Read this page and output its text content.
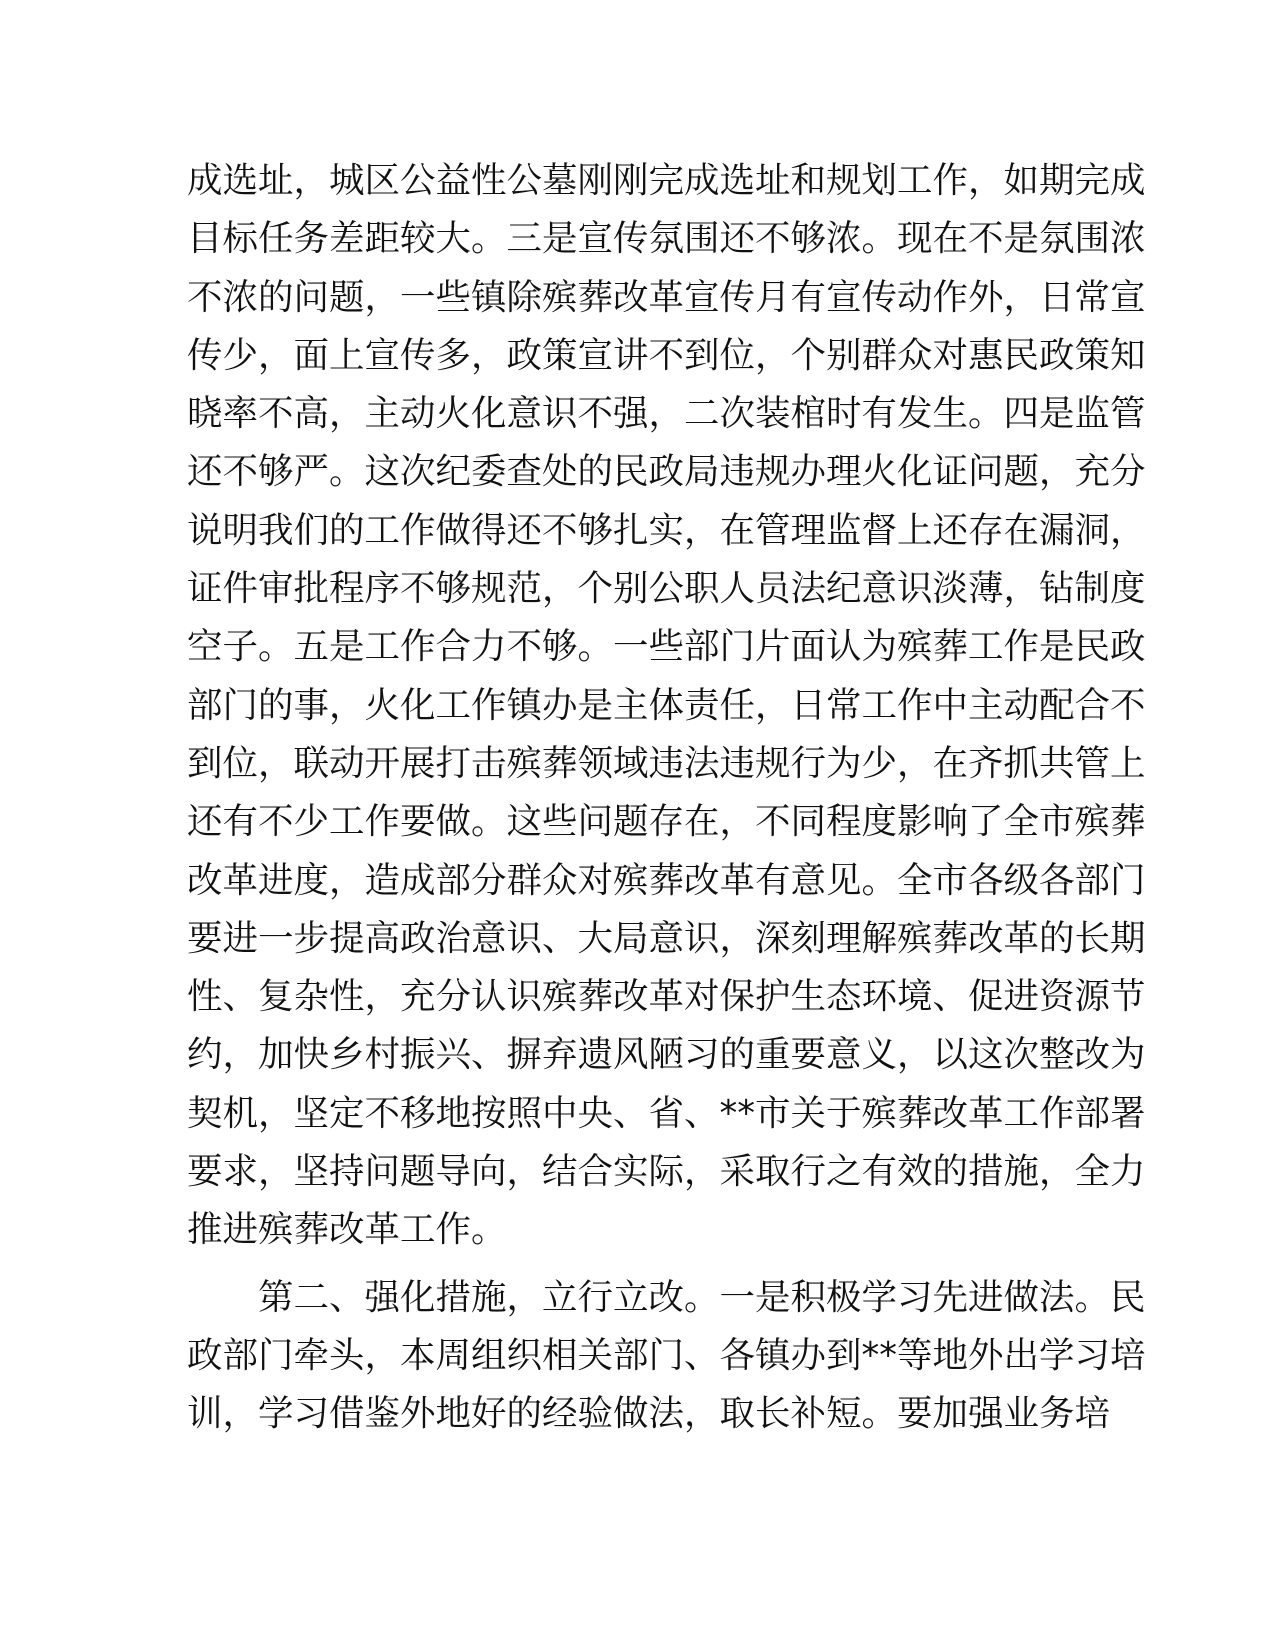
成选址，城区公益性公墓刚刚完成选址和规划工作，如期完成
目标任务差距较大。三是宣传氛围还不够浓。现在不是氛围浓
不浓的问题，一些镇除殡葬改革宣传月有宣传动作外，日常宣
传少，面上宣传多，政策宣讲不到位，个别群众对惠民政策知
晓率不高，主动火化意识不强，二次装棺时有发生。四是监管
还不够严。这次纪委查处的民政局违规办理火化证问题，充分
说明我们的工作做得还不够扎实，在管理监督上还存在漏洞，
证件审批程序不够规范，个别公职人员法纪意识淡薄，钻制度
空子。五是工作合力不够。一些部门片面认为殡葬工作是民政
部门的事，火化工作镇办是主体责任，日常工作中主动配合不
到位，联动开展打击殡葬领域违法违规行为少，在齐抓共管上
还有不少工作要做。这些问题存在，不同程度影响了全市殡葬
改革进度，造成部分群众对殡葬改革有意见。全市各级各部门
要进一步提高政治意识、大局意识，深刻理解殡葬改革的长期
性、复杂性，充分认识殡葬改革对保护生态环境、促进资源节
约，加快乡村振兴、摒弃遗风陋习的重要意义，以这次整改为
契机，坚定不移地按照中央、省、**市关于殡葬改革工作部署
要求，坚持问题导向，结合实际，采取行之有效的措施，全力
推进殡葬改革工作。
第二、强化措施，立行立改。一是积极学习先进做法。民
政部门牵头，本周组织相关部门、各镇办到**等地外出学习培
训，学习借鉴外地好的经验做法，取长补短。要加强业务培
